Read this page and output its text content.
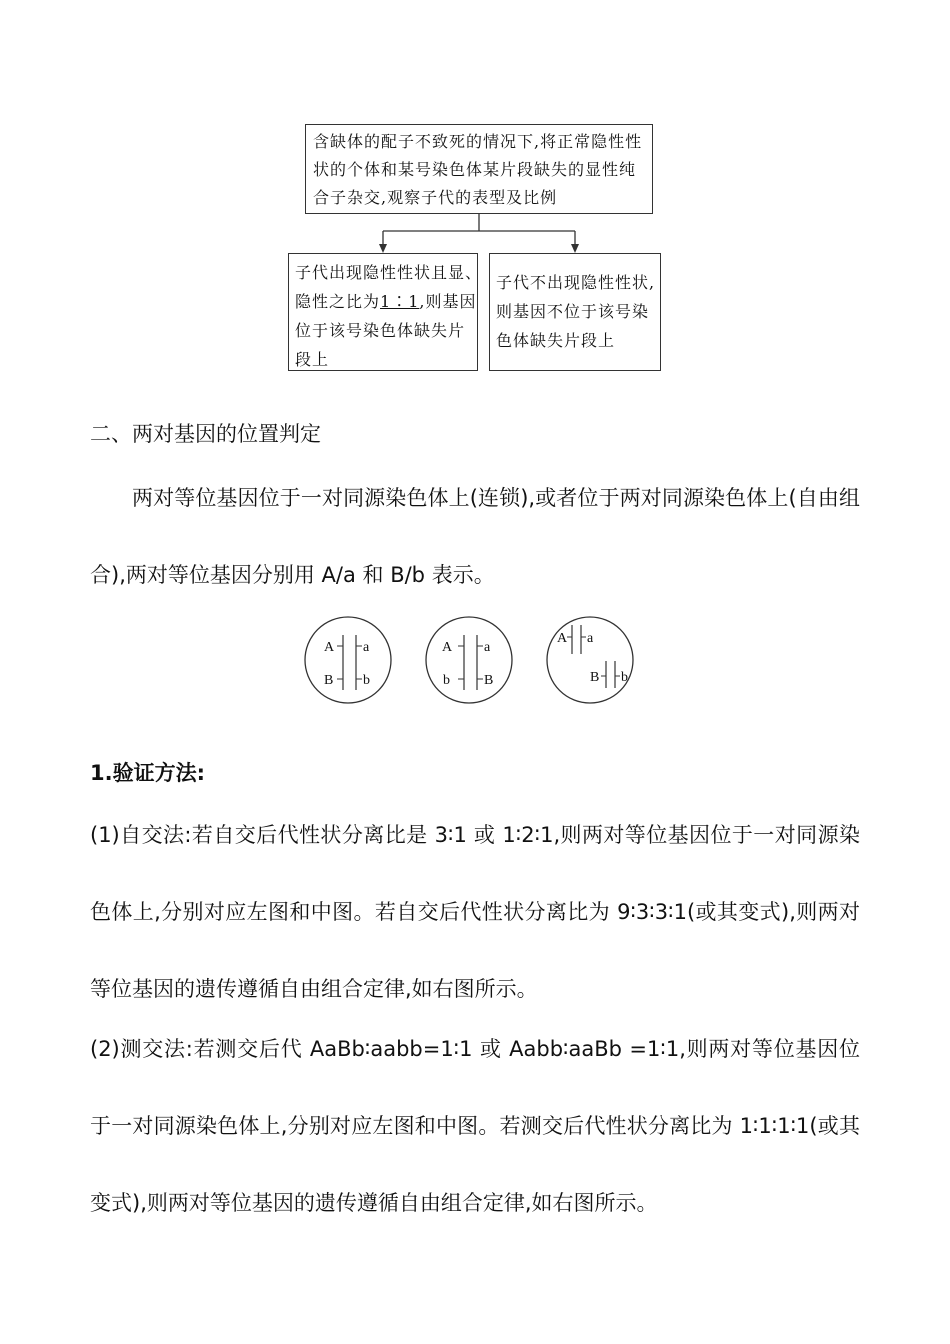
含缺体的配子不致死的情况下,将正常隐性性
状的个体和某号染色体某片段缺失的显性纯
合子杂交,观察子代的表型及比例
子代出现隐性性状且显、
隐性之比为1∶1,则基因
位于该号染色体缺失片
段上
子代不出现隐性性状,
则基因不位于该号染
色体缺失片段上

二、两对基因的位置判定

两对等位基因位于一对同源染色体上(连锁),或者位于两对同源染色体上(自由组合),两对等位基因分别用 A/a 和 B/b 表示。

A a
B b
A a
b B
A a
B b

1.验证方法:

(1)自交法:若自交后代性状分离比是 3∶1 或 1∶2∶1,则两对等位基因位于一对同源染色体上,分别对应左图和中图。若自交后代性状分离比为 9∶3∶3∶1(或其变式),则两对等位基因的遗传遵循自由组合定律,如右图所示。

(2)测交法:若测交后代 AaBb∶aabb=1∶1 或 Aabb∶aaBb =1∶1,则两对等位基因位于一对同源染色体上,分别对应左图和中图。若测交后代性状分离比为 1∶1∶1∶1(或其变式),则两对等位基因的遗传遵循自由组合定律,如右图所示。
